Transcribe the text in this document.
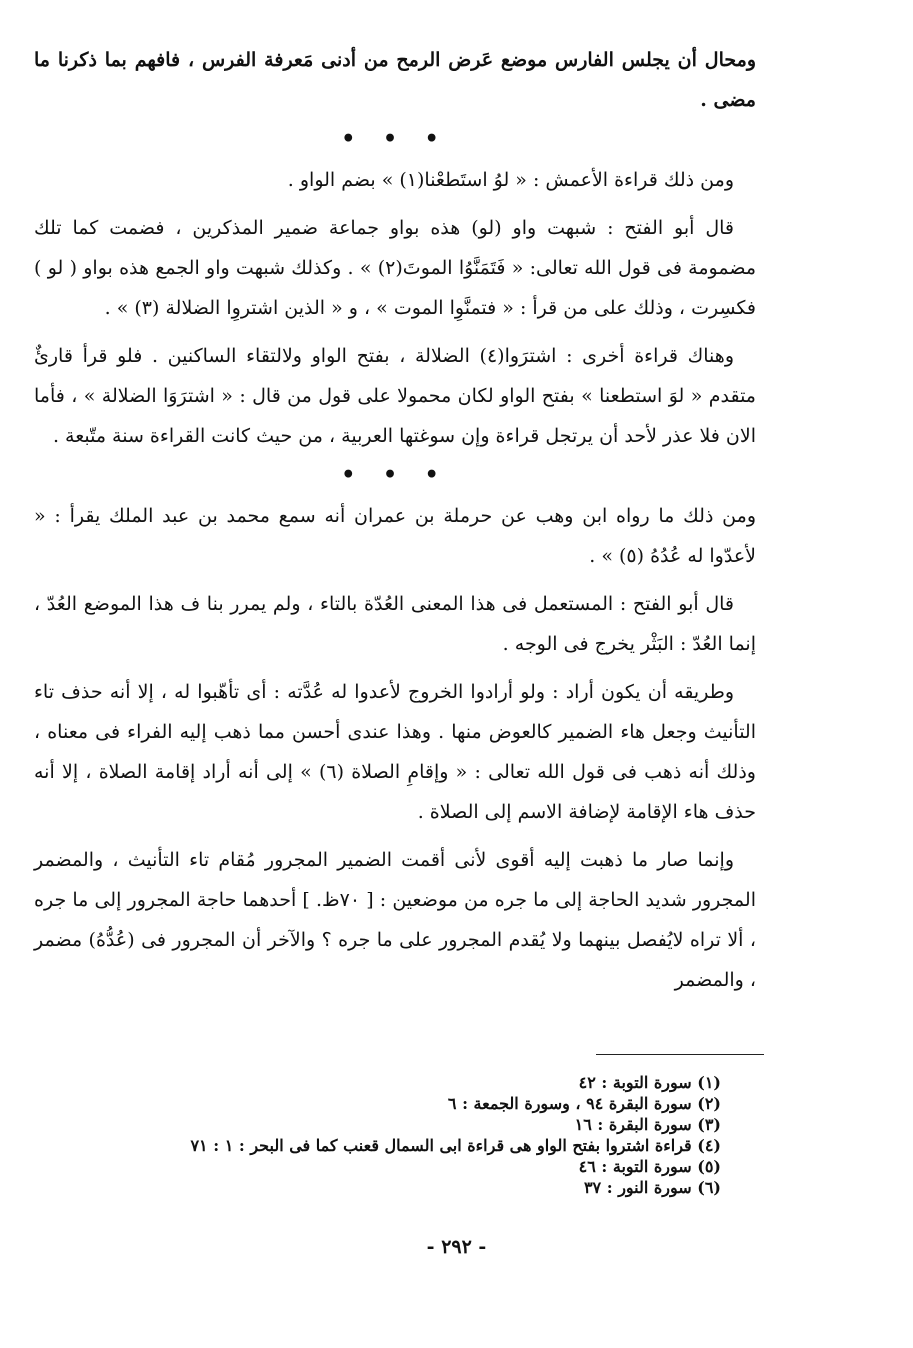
ومحال أن يجلس الفارس موضع عَرض الرمح من أدنى مَعرفة الفرس ، فافهم بما ذكرنا ما مضى .

• • •

ومن ذلك قراءة الأعمش : « لوُ استَطعْنا(١) » بضم الواو .

قال أبو الفتح : شبهت واو (لو) هذه بواو جماعة ضمير المذكرين ، فضمت كما تلك مضمومة فى قول الله تعالى: « فَتَمَنَّوُا الموتَ(٢) » . وكذلك شبهت واو الجمع هذه بواو ( لو ) فكسِرت ، وذلك على من قرأ : « فتمنَّوِا الموت » ، و « الذين اشتروِا الضلالة (٣) » .

وهناك قراءة أخرى : اشترَوا(٤) الضلالة ، بفتح الواو ولالتقاء الساكنين . فلو قرأ قارئٌ متقدم « لوَ استطعنا » بفتح الواو لكان محمولا على قول من قال : « اشترَوَا الضلالة » ، فأما الان فلا عذر لأحد أن يرتجل قراءة وإن سوغتها العربية ، من حيث كانت القراءة سنة متّبعة .

• • •

ومن ذلك ما رواه ابن وهب عن حرملة بن عمران أنه سمع محمد بن عبد الملك يقرأ : « لأعدّوا له عُدُهُ (٥) » .

قال أبو الفتح : المستعمل فى هذا المعنى العُدّة بالتاء ، ولم يمرر بنا ف هذا الموضع العُدّ ، إنما العُدّ : البَثْر يخرج فى الوجه .

وطريقه أن يكون أراد : ولو أرادوا الخروج لأعدوا له عُدَّته : أى تأهّبوا له ، إلا أنه حذف تاء التأنيث وجعل هاء الضمير كالعوض منها . وهذا عندى أحسن مما ذهب إليه الفراء فى معناه ، وذلك أنه ذهب فى قول الله تعالى : « وإقامِ الصلاة (٦) » إلى أنه أراد إقامة الصلاة ، إلا أنه حذف هاء الإقامة لإضافة الاسم إلى الصلاة .

وإنما صار ما ذهبت إليه أقوى لأنى أقمت الضمير المجرور مُقام تاء التأنيث ، والمضمر المجرور شديد الحاجة إلى ما جره من موضعين : [ ٧٠ظ. ] أحدهما حاجة المجرور إلى ما جره ، ألا تراه لايُفصل بينهما ولا يُقدم المجرور على ما جره ؟ والآخر أن المجرور فى (عُدُّهُ) مضمر ، والمضمر

(١) سورة التوبة : ٤٢
(٢) سورة البقرة ٩٤ ، وسورة الجمعة : ٦
(٣) سورة البقرة : ١٦
(٤) قراءة اشتروا بفتح الواو هى قراءة ابى السمال قعنب كما فى البحر : ١ : ٧١
(٥) سورة التوبة : ٤٦
(٦) سورة النور : ٣٧
- ٢٩٢ -
